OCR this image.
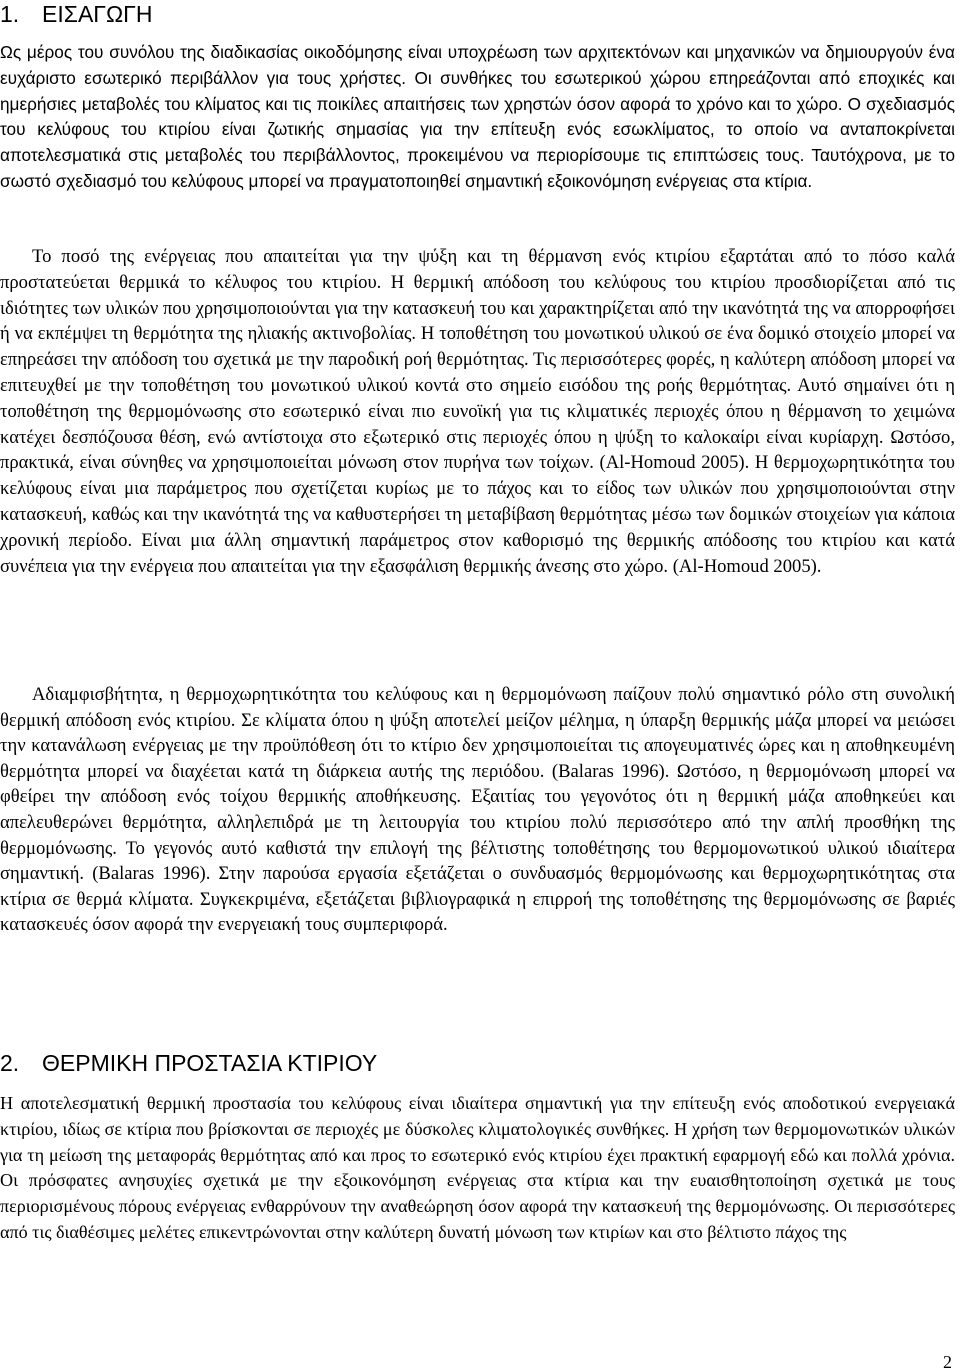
1. ΕΙΣΑΓΩΓΗ

Ως μέρος του συνόλου της διαδικασίας οικοδόμησης είναι υποχρέωση των αρχιτεκτόνων και μηχανικών να δημιουργούν ένα ευχάριστο εσωτερικό περιβάλλον για τους χρήστες. Οι συνθήκες του εσωτερικού χώρου επηρεάζονται από εποχικές και ημερήσιες μεταβολές του κλίματος και τις ποικίλες απαιτήσεις των χρηστών όσον αφορά το χρόνο και το χώρο. Ο σχεδιασμός του κελύφους του κτιρίου είναι ζωτικής σημασίας για την επίτευξη ενός εσωκλίματος, το οποίο να ανταποκρίνεται αποτελεσματικά στις μεταβολές του περιβάλλοντος, προκειμένου να περιορίσουμε τις επιπτώσεις τους. Ταυτόχρονα, με το σωστό σχεδιασμό του κελύφους μπορεί να πραγματοποιηθεί σημαντική εξοικονόμηση ενέργειας στα κτίρια.

Το ποσό της ενέργειας που απαιτείται για την ψύξη και τη θέρμανση ενός κτιρίου εξαρτάται από το πόσο καλά προστατεύεται θερμικά το κέλυφος του κτιρίου. Η θερμική απόδοση του κελύφους του κτιρίου προσδιορίζεται από τις ιδιότητες των υλικών που χρησιμοποιούνται για την κατασκευή του και χαρακτηρίζεται από την ικανότητά της να απορροφήσει ή να εκπέμψει τη θερμότητα της ηλιακής ακτινοβολίας. Η τοποθέτηση του μονωτικού υλικού σε ένα δομικό στοιχείο μπορεί να επηρεάσει την απόδοση του σχετικά με την παροδική ροή θερμότητας. Τις περισσότερες φορές, η καλύτερη απόδοση μπορεί να επιτευχθεί με την τοποθέτηση του μονωτικού υλικού κοντά στο σημείο εισόδου της ροής θερμότητας. Αυτό σημαίνει ότι η τοποθέτηση της θερμομόνωσης στο εσωτερικό είναι πιο ευνοϊκή για τις κλιματικές περιοχές όπου η θέρμανση το χειμώνα κατέχει δεσπόζουσα θέση, ενώ αντίστοιχα στο εξωτερικό στις περιοχές όπου η ψύξη το καλοκαίρι είναι κυρίαρχη. Ωστόσο, πρακτικά, είναι σύνηθες να χρησιμοποιείται μόνωση στον πυρήνα των τοίχων. (Al-Homoud 2005). Η θερμοχωρητικότητα του κελύφους είναι μια παράμετρος που σχετίζεται κυρίως με το πάχος και το είδος των υλικών που χρησιμοποιούνται στην κατασκευή, καθώς και την ικανότητά της να καθυστερήσει τη μεταβίβαση θερμότητας μέσω των δομικών στοιχείων για κάποια χρονική περίοδο. Είναι μια άλλη σημαντική παράμετρος στον καθορισμό της θερμικής απόδοσης του κτιρίου και κατά συνέπεια για την ενέργεια που απαιτείται για την εξασφάλιση θερμικής άνεσης στο χώρο. (Al-Homoud 2005).

Αδιαμφισβήτητα, η θερμοχωρητικότητα του κελύφους και η θερμομόνωση παίζουν πολύ σημαντικό ρόλο στη συνολική θερμική απόδοση ενός κτιρίου. Σε κλίματα όπου η ψύξη αποτελεί μείζον μέλημα, η ύπαρξη θερμικής μάζα μπορεί να μειώσει την κατανάλωση ενέργειας με την προϋπόθεση ότι το κτίριο δεν χρησιμοποιείται τις απογευματινές ώρες και η αποθηκευμένη θερμότητα μπορεί να διαχέεται κατά τη διάρκεια αυτής της περιόδου. (Balaras 1996). Ωστόσο, η θερμομόνωση μπορεί να φθείρει την απόδοση ενός τοίχου θερμικής αποθήκευσης. Εξαιτίας του γεγονότος ότι η θερμική μάζα αποθηκεύει και απελευθερώνει θερμότητα, αλληλεπιδρά με τη λειτουργία του κτιρίου πολύ περισσότερο από την απλή προσθήκη της θερμομόνωσης. Το γεγονός αυτό καθιστά την επιλογή της βέλτιστης τοποθέτησης του θερμομονωτικού υλικού ιδιαίτερα σημαντική. (Balaras 1996). Στην παρούσα εργασία εξετάζεται ο συνδυασμός θερμομόνωσης και θερμοχωρητικότητας στα κτίρια σε θερμά κλίματα. Συγκεκριμένα, εξετάζεται βιβλιογραφικά η επιρροή της τοποθέτησης της θερμομόνωσης σε βαριές κατασκευές όσον αφορά την ενεργειακή τους συμπεριφορά.

2. ΘΕΡΜΙΚΗ ΠΡΟΣΤΑΣΙΑ ΚΤΙΡΙΟΥ

Η αποτελεσματική θερμική προστασία του κελύφους είναι ιδιαίτερα σημαντική για την επίτευξη ενός αποδοτικού ενεργειακά κτιρίου, ιδίως σε κτίρια που βρίσκονται σε περιοχές με δύσκολες κλιματολογικές συνθήκες. Η χρήση των θερμομονωτικών υλικών για τη μείωση της μεταφοράς θερμότητας από και προς το εσωτερικό ενός κτιρίου έχει πρακτική εφαρμογή εδώ και πολλά χρόνια. Οι πρόσφατες ανησυχίες σχετικά με την εξοικονόμηση ενέργειας στα κτίρια και την ευαισθητοποίηση σχετικά με τους περιορισμένους πόρους ενέργειας ενθαρρύνουν την αναθεώρηση όσον αφορά την κατασκευή της θερμομόνωσης. Οι περισσότερες από τις διαθέσιμες μελέτες επικεντρώνονται στην καλύτερη δυνατή μόνωση των κτιρίων και στο βέλτιστο πάχος της

2
